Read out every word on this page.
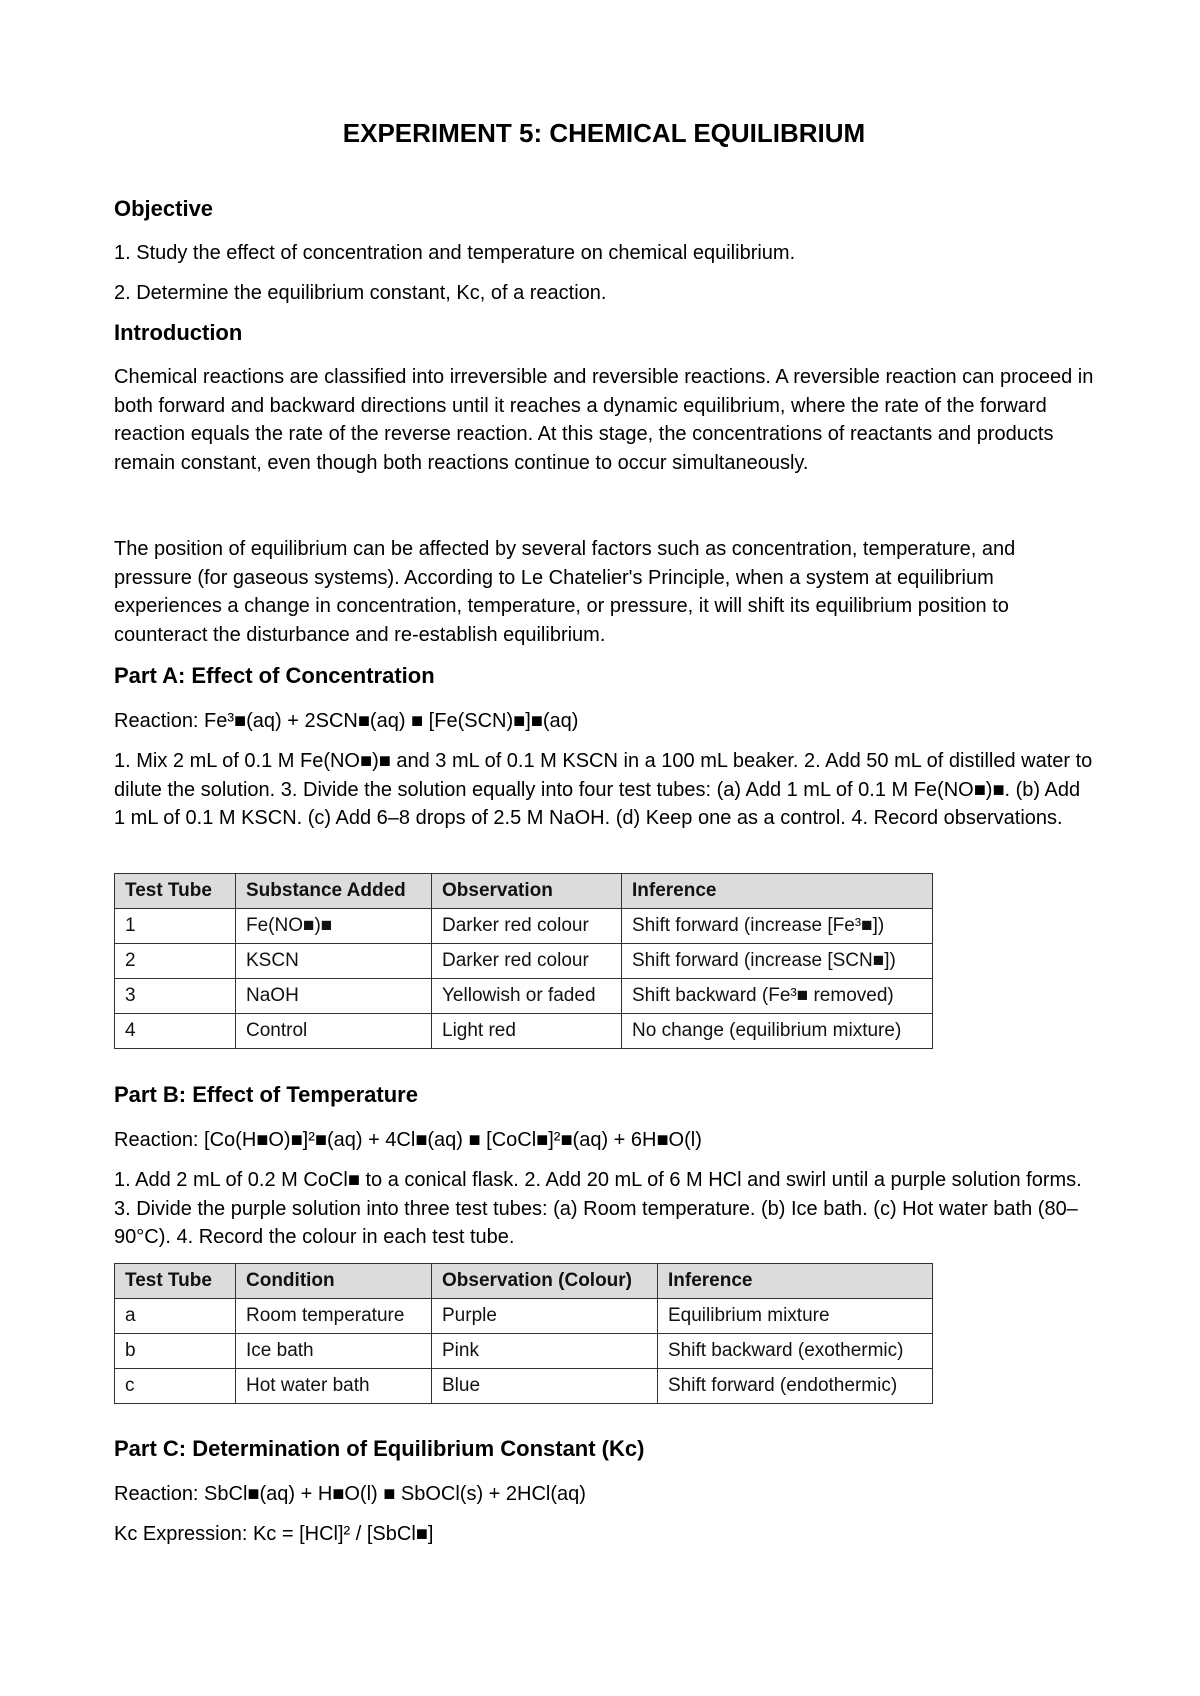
EXPERIMENT 5: CHEMICAL EQUILIBRIUM
Objective

1. Study the effect of concentration and temperature on chemical equilibrium.

2. Determine the equilibrium constant, Kc, of a reaction.

Introduction

Chemical reactions are classified into irreversible and reversible reactions. A reversible reaction can proceed in both forward and backward directions until it reaches a dynamic equilibrium, where the rate of the forward reaction equals the rate of the reverse reaction. At this stage, the concentrations of reactants and products remain constant, even though both reactions continue to occur simultaneously.

The position of equilibrium can be affected by several factors such as concentration, temperature, and pressure (for gaseous systems). According to Le Chatelier's Principle, when a system at equilibrium experiences a change in concentration, temperature, or pressure, it will shift its equilibrium position to counteract the disturbance and re-establish equilibrium.

Part A: Effect of Concentration

Reaction: Fe³■(aq) + 2SCN■(aq) ■ [Fe(SCN)■]■(aq)

1. Mix 2 mL of 0.1 M Fe(NO■)■ and 3 mL of 0.1 M KSCN in a 100 mL beaker. 2. Add 50 mL of distilled water to dilute the solution. 3. Divide the solution equally into four test tubes: (a) Add 1 mL of 0.1 M Fe(NO■)■. (b) Add 1 mL of 0.1 M KSCN. (c) Add 6–8 drops of 2.5 M NaOH. (d) Keep one as a control. 4. Record observations.

Test Tube	Substance Added	Observation	Inference
1	Fe(NO■)■	Darker red colour	Shift forward (increase [Fe³■])
2	KSCN	Darker red colour	Shift forward (increase [SCN■])
3	NaOH	Yellowish or faded	Shift backward (Fe³■ removed)
4	Control	Light red	No change (equilibrium mixture)
Part B: Effect of Temperature

Reaction: [Co(H■O)■]²■(aq) + 4Cl■(aq) ■ [CoCl■]²■(aq) + 6H■O(l)

1. Add 2 mL of 0.2 M CoCl■ to a conical flask. 2. Add 20 mL of 6 M HCl and swirl until a purple solution forms. 3. Divide the purple solution into three test tubes: (a) Room temperature. (b) Ice bath. (c) Hot water bath (80–90°C). 4. Record the colour in each test tube.

Test Tube	Condition	Observation (Colour)	Inference
a	Room temperature	Purple	Equilibrium mixture
b	Ice bath	Pink	Shift backward (exothermic)
c	Hot water bath	Blue	Shift forward (endothermic)
Part C: Determination of Equilibrium Constant (Kc)

Reaction: SbCl■(aq) + H■O(l) ■ SbOCl(s) + 2HCl(aq)

Kc Expression: Kc = [HCl]² / [SbCl■]
